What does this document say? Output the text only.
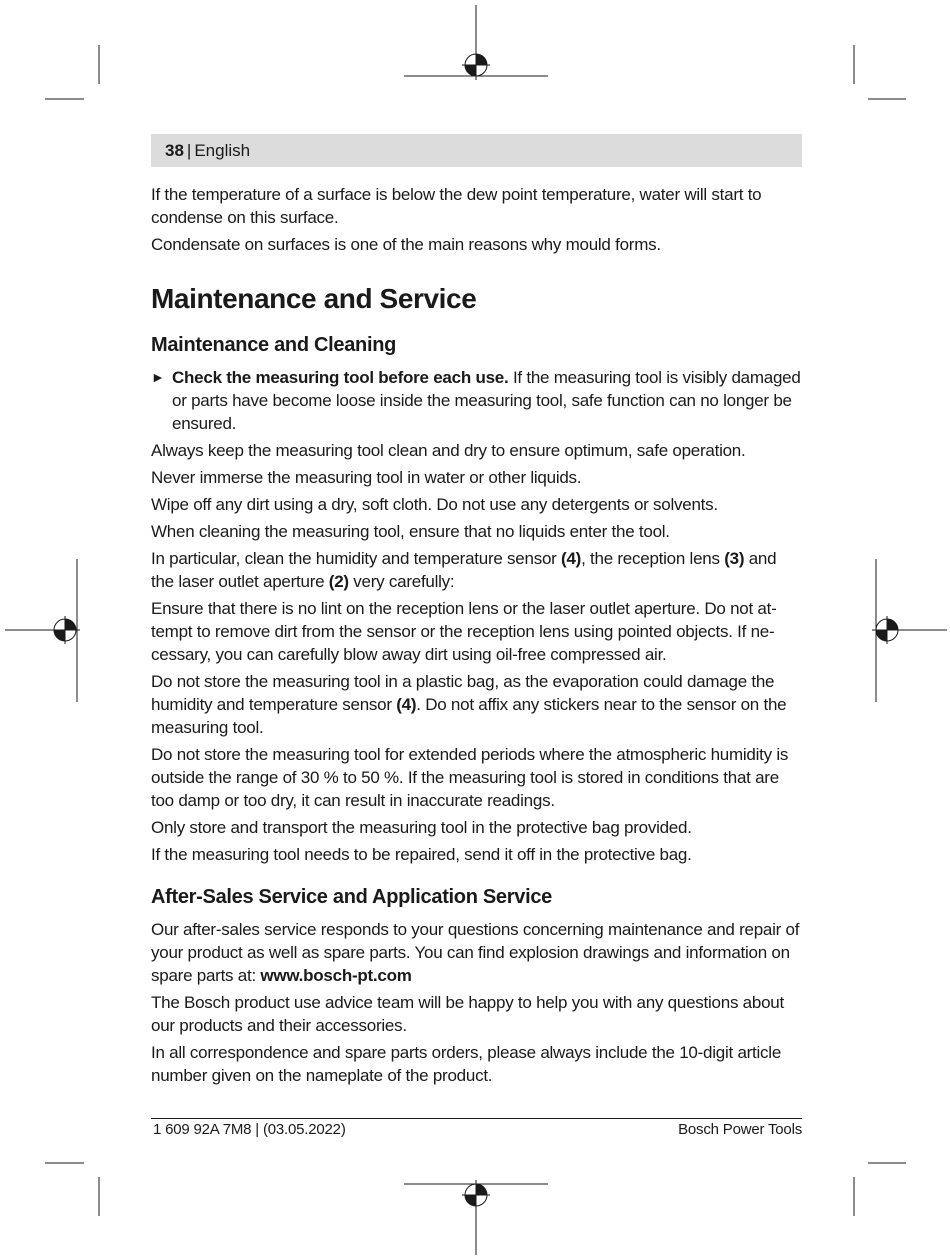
38 | English

If the temperature of a surface is below the dew point temperature, water will start to condense on this surface.

Condensate on surfaces is one of the main reasons why mould forms.

Maintenance and Service
Maintenance and Cleaning
► Check the measuring tool before each use. If the measuring tool is visibly damaged or parts have become loose inside the measuring tool, safe function can no longer be ensured.

Always keep the measuring tool clean and dry to ensure optimum, safe operation.

Never immerse the measuring tool in water or other liquids.

Wipe off any dirt using a dry, soft cloth. Do not use any detergents or solvents.

When cleaning the measuring tool, ensure that no liquids enter the tool.

In particular, clean the humidity and temperature sensor (4), the reception lens (3) and the laser outlet aperture (2) very carefully:

Ensure that there is no lint on the reception lens or the laser outlet aperture. Do not attempt to remove dirt from the sensor or the reception lens using pointed objects. If necessary, you can carefully blow away dirt using oil-free compressed air.

Do not store the measuring tool in a plastic bag, as the evaporation could damage the humidity and temperature sensor (4). Do not affix any stickers near to the sensor on the measuring tool.

Do not store the measuring tool for extended periods where the atmospheric humidity is outside the range of 30 % to 50 %. If the measuring tool is stored in conditions that are too damp or too dry, it can result in inaccurate readings.

Only store and transport the measuring tool in the protective bag provided.

If the measuring tool needs to be repaired, send it off in the protective bag.

After-Sales Service and Application Service

Our after-sales service responds to your questions concerning maintenance and repair of your product as well as spare parts. You can find explosion drawings and information on spare parts at: www.bosch-pt.com

The Bosch product use advice team will be happy to help you with any questions about our products and their accessories.

In all correspondence and spare parts orders, please always include the 10-digit article number given on the nameplate of the product.

1 609 92A 7M8 | (03.05.2022)	Bosch Power Tools
